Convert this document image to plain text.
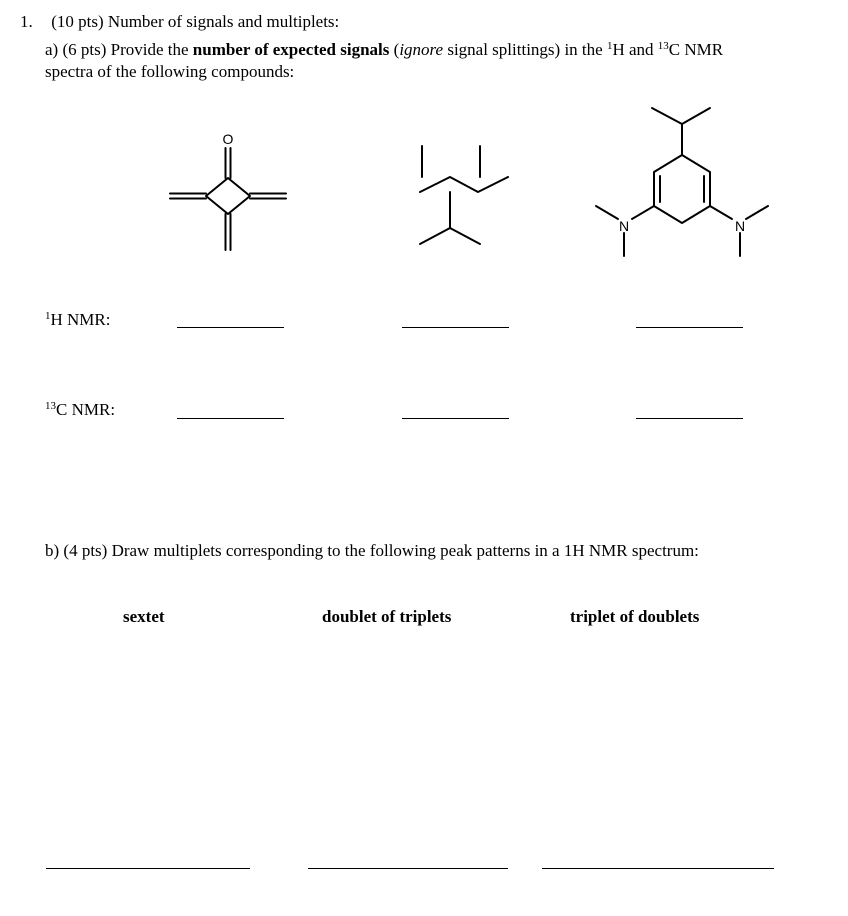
1. (10 pts) Number of signals and multiplets:
a) (6 pts) Provide the number of expected signals (ignore signal splittings) in the $^1$H and $^{13}$C NMR
spectra of the following compounds:
O
N	N
$^1$H NMR:
$^{13}$C NMR:
b) (4 pts) Draw multiplets corresponding to the following peak patterns in a 1H NMR spectrum:
sextet	doublet of triplets	triplet of doublets
